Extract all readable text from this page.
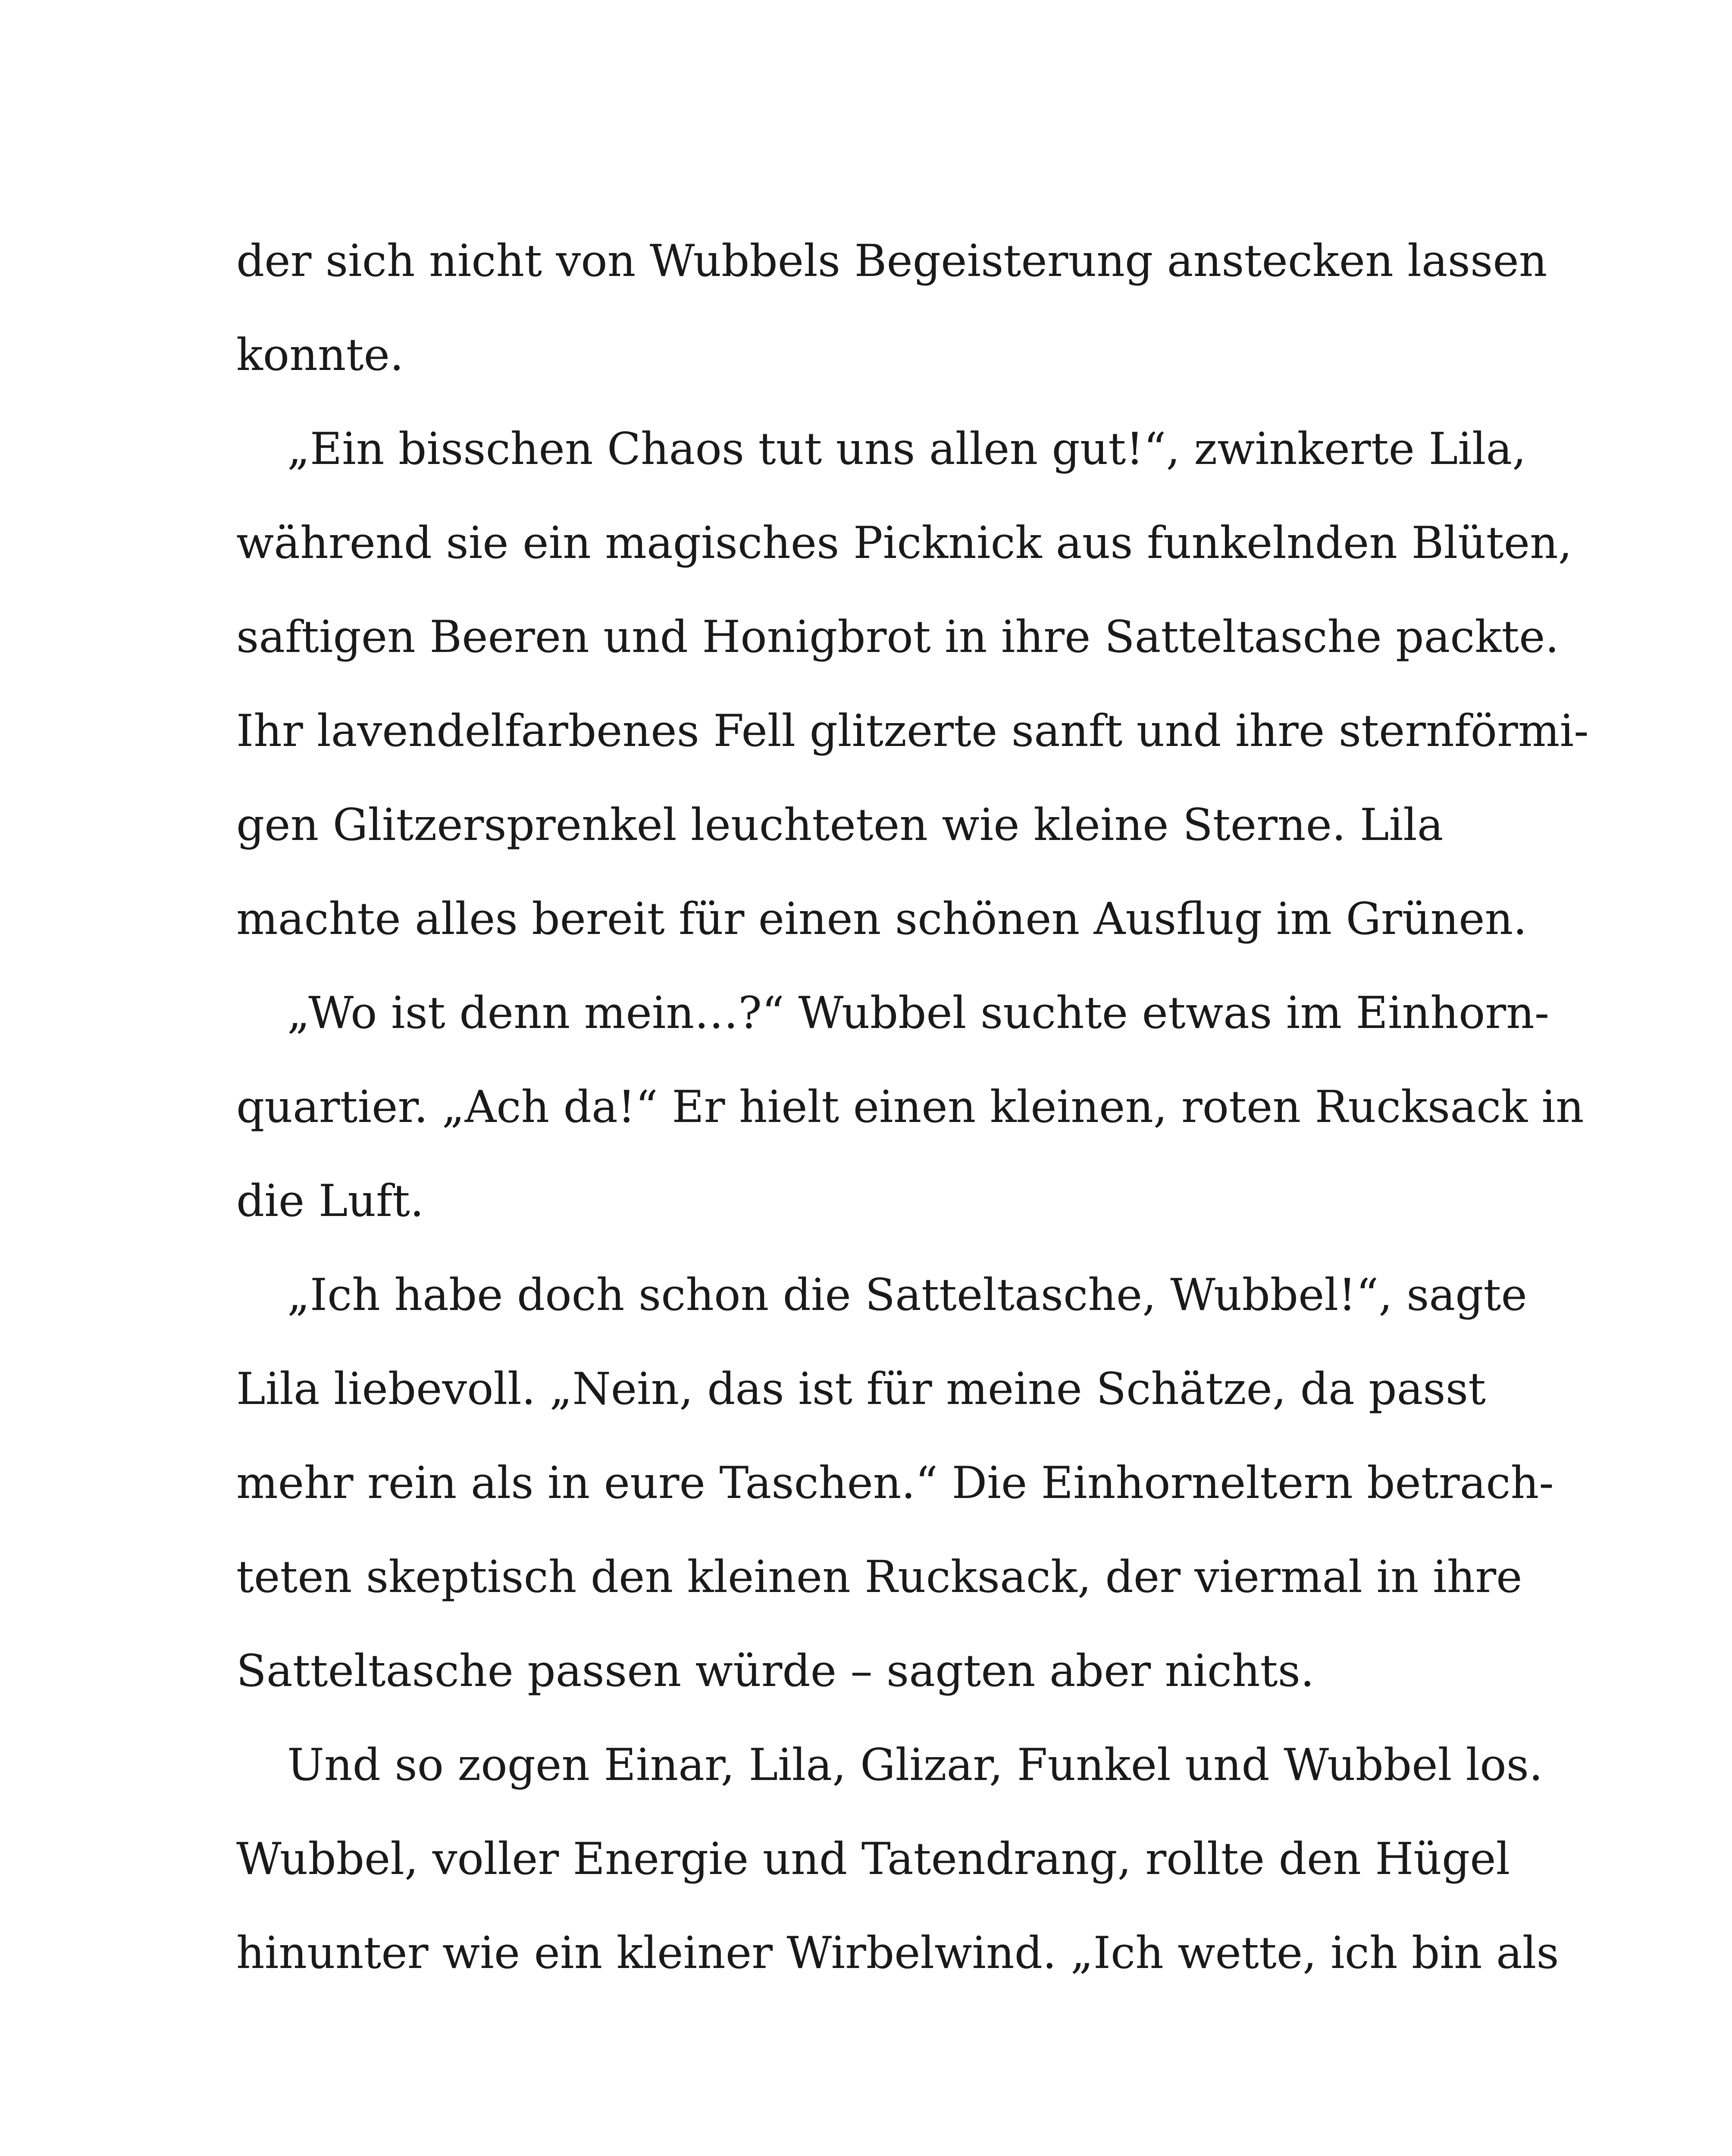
der sich nicht von Wubbels Begeisterung anstecken lassen
konnte.
„Ein bisschen Chaos tut uns allen gut!“, zwinkerte Lila,
während sie ein magisches Picknick aus funkelnden Blüten,
saftigen Beeren und Honigbrot in ihre Satteltasche packte.
Ihr lavendelfarbenes Fell glitzerte sanft und ihre sternförmi-
gen Glitzersprenkel leuchteten wie kleine Sterne. Lila
machte alles bereit für einen schönen Ausflug im Grünen.
„Wo ist denn mein…?“ Wubbel suchte etwas im Einhorn-
quartier. „Ach da!“ Er hielt einen kleinen, roten Rucksack in
die Luft.
„Ich habe doch schon die Satteltasche, Wubbel!“, sagte
Lila liebevoll. „Nein, das ist für meine Schätze, da passt
mehr rein als in eure Taschen.“ Die Einhorneltern betrach-
teten skeptisch den kleinen Rucksack, der viermal in ihre
Satteltasche passen würde – sagten aber nichts.
Und so zogen Einar, Lila, Glizar, Funkel und Wubbel los.
Wubbel, voller Energie und Tatendrang, rollte den Hügel
hinunter wie ein kleiner Wirbelwind. „Ich wette, ich bin als
